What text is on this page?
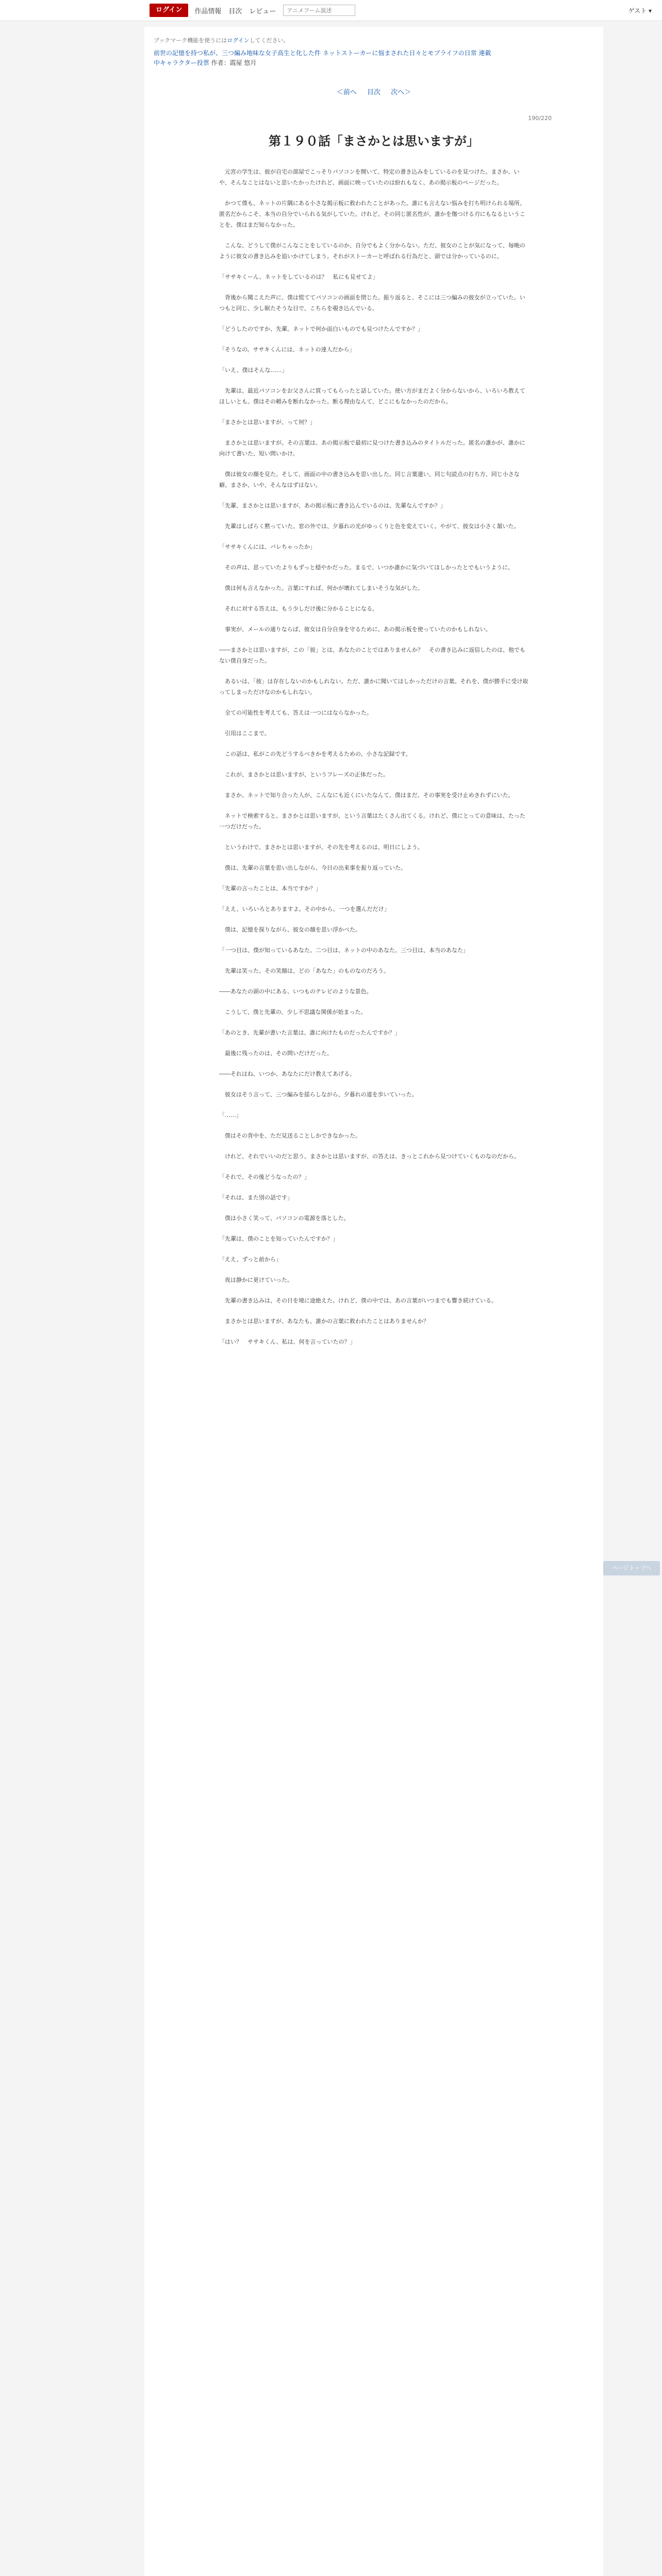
ログイン	作品情報 目次 レビュー
アニメフーム説述	ゲスト ▾
ブックマーク機能を使うにはログインしてください。
前世の記憶を持つ私が、三つ編み地味な女子高生と化した件 ネットストーカーに悩まされた日々とモブライフの日常 連載中キャラクター投票 作者：霞屋 悠月
＜前へ 目次 次へ＞
190/220
第１９０話「まさかとは思いますが」

元宮の学生は、彼が自宅の部屋でこっそりパソコンを開いて、特定の書き込みをしているのを見つけた。まさか、いや、そんなことはないと思いたかったけれど、画面に映っていたのは紛れもなく、あの掲示板のページだった。

かつて僕も、ネットの片隅にある小さな掲示板に救われたことがあった。誰にも言えない悩みを打ち明けられる場所。匿名だからこそ、本当の自分でいられる気がしていた。けれど、その同じ匿名性が、誰かを傷つける刃にもなるということを、僕はまだ知らなかった。

こんな、どうして僕がこんなことをしているのか、自分でもよく分からない。ただ、彼女のことが気になって、毎晩のように彼女の書き込みを追いかけてしまう。それがストーカーと呼ばれる行為だと、頭では分かっているのに。

「ササキくーん、ネットをしているのは？　私にも見せてよ」

背後から聞こえた声に、僕は慌ててパソコンの画面を閉じた。振り返ると、そこには三つ編みの彼女が立っていた。いつもと同じ、少し眠たそうな目で、こちらを覗き込んでいる。

「どうしたのですか、先輩。ネットで何か面白いものでも見つけたんですか？」

「そうなの。ササキくんには、ネットの達人だから」

「いえ、僕はそんな……」

先輩は、最近パソコンをお父さんに買ってもらったと話していた。使い方がまだよく分からないから、いろいろ教えてほしいとも。僕はその頼みを断れなかった。断る理由なんて、どこにもなかったのだから。

「まさかとは思いますが、って何？」

まさかとは思いますが。その言葉は、あの掲示板で最初に見つけた書き込みのタイトルだった。匿名の誰かが、誰かに向けて書いた、短い問いかけ。

僕は彼女の顔を見た。そして、画面の中の書き込みを思い出した。同じ言葉遣い、同じ句読点の打ち方、同じ小さな癖。まさか、いや、そんなはずはない。

「先輩、まさかとは思いますが、あの掲示板に書き込んでいるのは、先輩なんですか？」

先輩はしばらく黙っていた。窓の外では、夕暮れの光がゆっくりと色を変えていく。やがて、彼女は小さく頷いた。

「ササキくんには、バレちゃったか」

その声は、思っていたよりもずっと穏やかだった。まるで、いつか誰かに気づいてほしかったとでもいうように。

僕は何も言えなかった。言葉にすれば、何かが壊れてしまいそうな気がした。

それに対する答えは、もう少しだけ後に分かることになる。

事実が、メールの通りならば、彼女は自分自身を守るために、あの掲示板を使っていたのかもしれない。

――まさかとは思いますが、この「彼」とは、あなたのことではありませんか？　その書き込みに返信したのは、他でもない僕自身だった。

あるいは、「彼」は存在しないのかもしれない。ただ、誰かに聞いてほしかっただけの言葉。それを、僕が勝手に受け取ってしまっただけなのかもしれない。

全ての可能性を考えても、答えは一つにはならなかった。

引用はここまで。

この話は、私がこの先どうするべきかを考えるための、小さな記録です。

これが、まさかとは思いますが、というフレーズの正体だった。

まさか、ネットで知り合った人が、こんなにも近くにいたなんて。僕はまだ、その事実を受け止めきれずにいた。

ネットで検索すると、まさかとは思いますが、という言葉はたくさん出てくる。けれど、僕にとっての意味は、たった一つだけだった。

というわけで、まさかとは思いますが、その先を考えるのは、明日にしよう。

僕は、先輩の言葉を思い出しながら、今日の出来事を振り返っていた。

「先輩の言ったことは、本当ですか？」

「ええ、いろいろとありますよ。その中から、一つを選んだだけ」

僕は、記憶を探りながら、彼女の顔を思い浮かべた。

「一つ目は、僕が知っているあなた。二つ目は、ネットの中のあなた。三つ目は、本当のあなた」

先輩は笑った。その笑顔は、どの「あなた」のものなのだろう。

――あなたの頭の中にある、いつものテレビのような景色。

こうして、僕と先輩の、少し不思議な関係が始まった。

「あのとき、先輩が書いた言葉は、誰に向けたものだったんですか？」

最後に残ったのは、その問いだけだった。

――それはね、いつか、あなたにだけ教えてあげる。

彼女はそう言って、三つ編みを揺らしながら、夕暮れの道を歩いていった。

「……」

僕はその背中を、ただ見送ることしかできなかった。

けれど、それでいいのだと思う。まさかとは思いますが、の答えは、きっとこれから見つけていくものなのだから。

「それで、その後どうなったの？」

「それは、また別の話です」

僕は小さく笑って、パソコンの電源を落とした。

「先輩は、僕のことを知っていたんですか？」

「ええ、ずっと前から」

夜は静かに更けていった。

先輩の書き込みは、その日を境に途絶えた。けれど、僕の中では、あの言葉がいつまでも響き続けている。

まさかとは思いますが、あなたも、誰かの言葉に救われたことはありませんか？

「はい？　ササキくん、私は、何を言っていたの？」

ページトップへ
